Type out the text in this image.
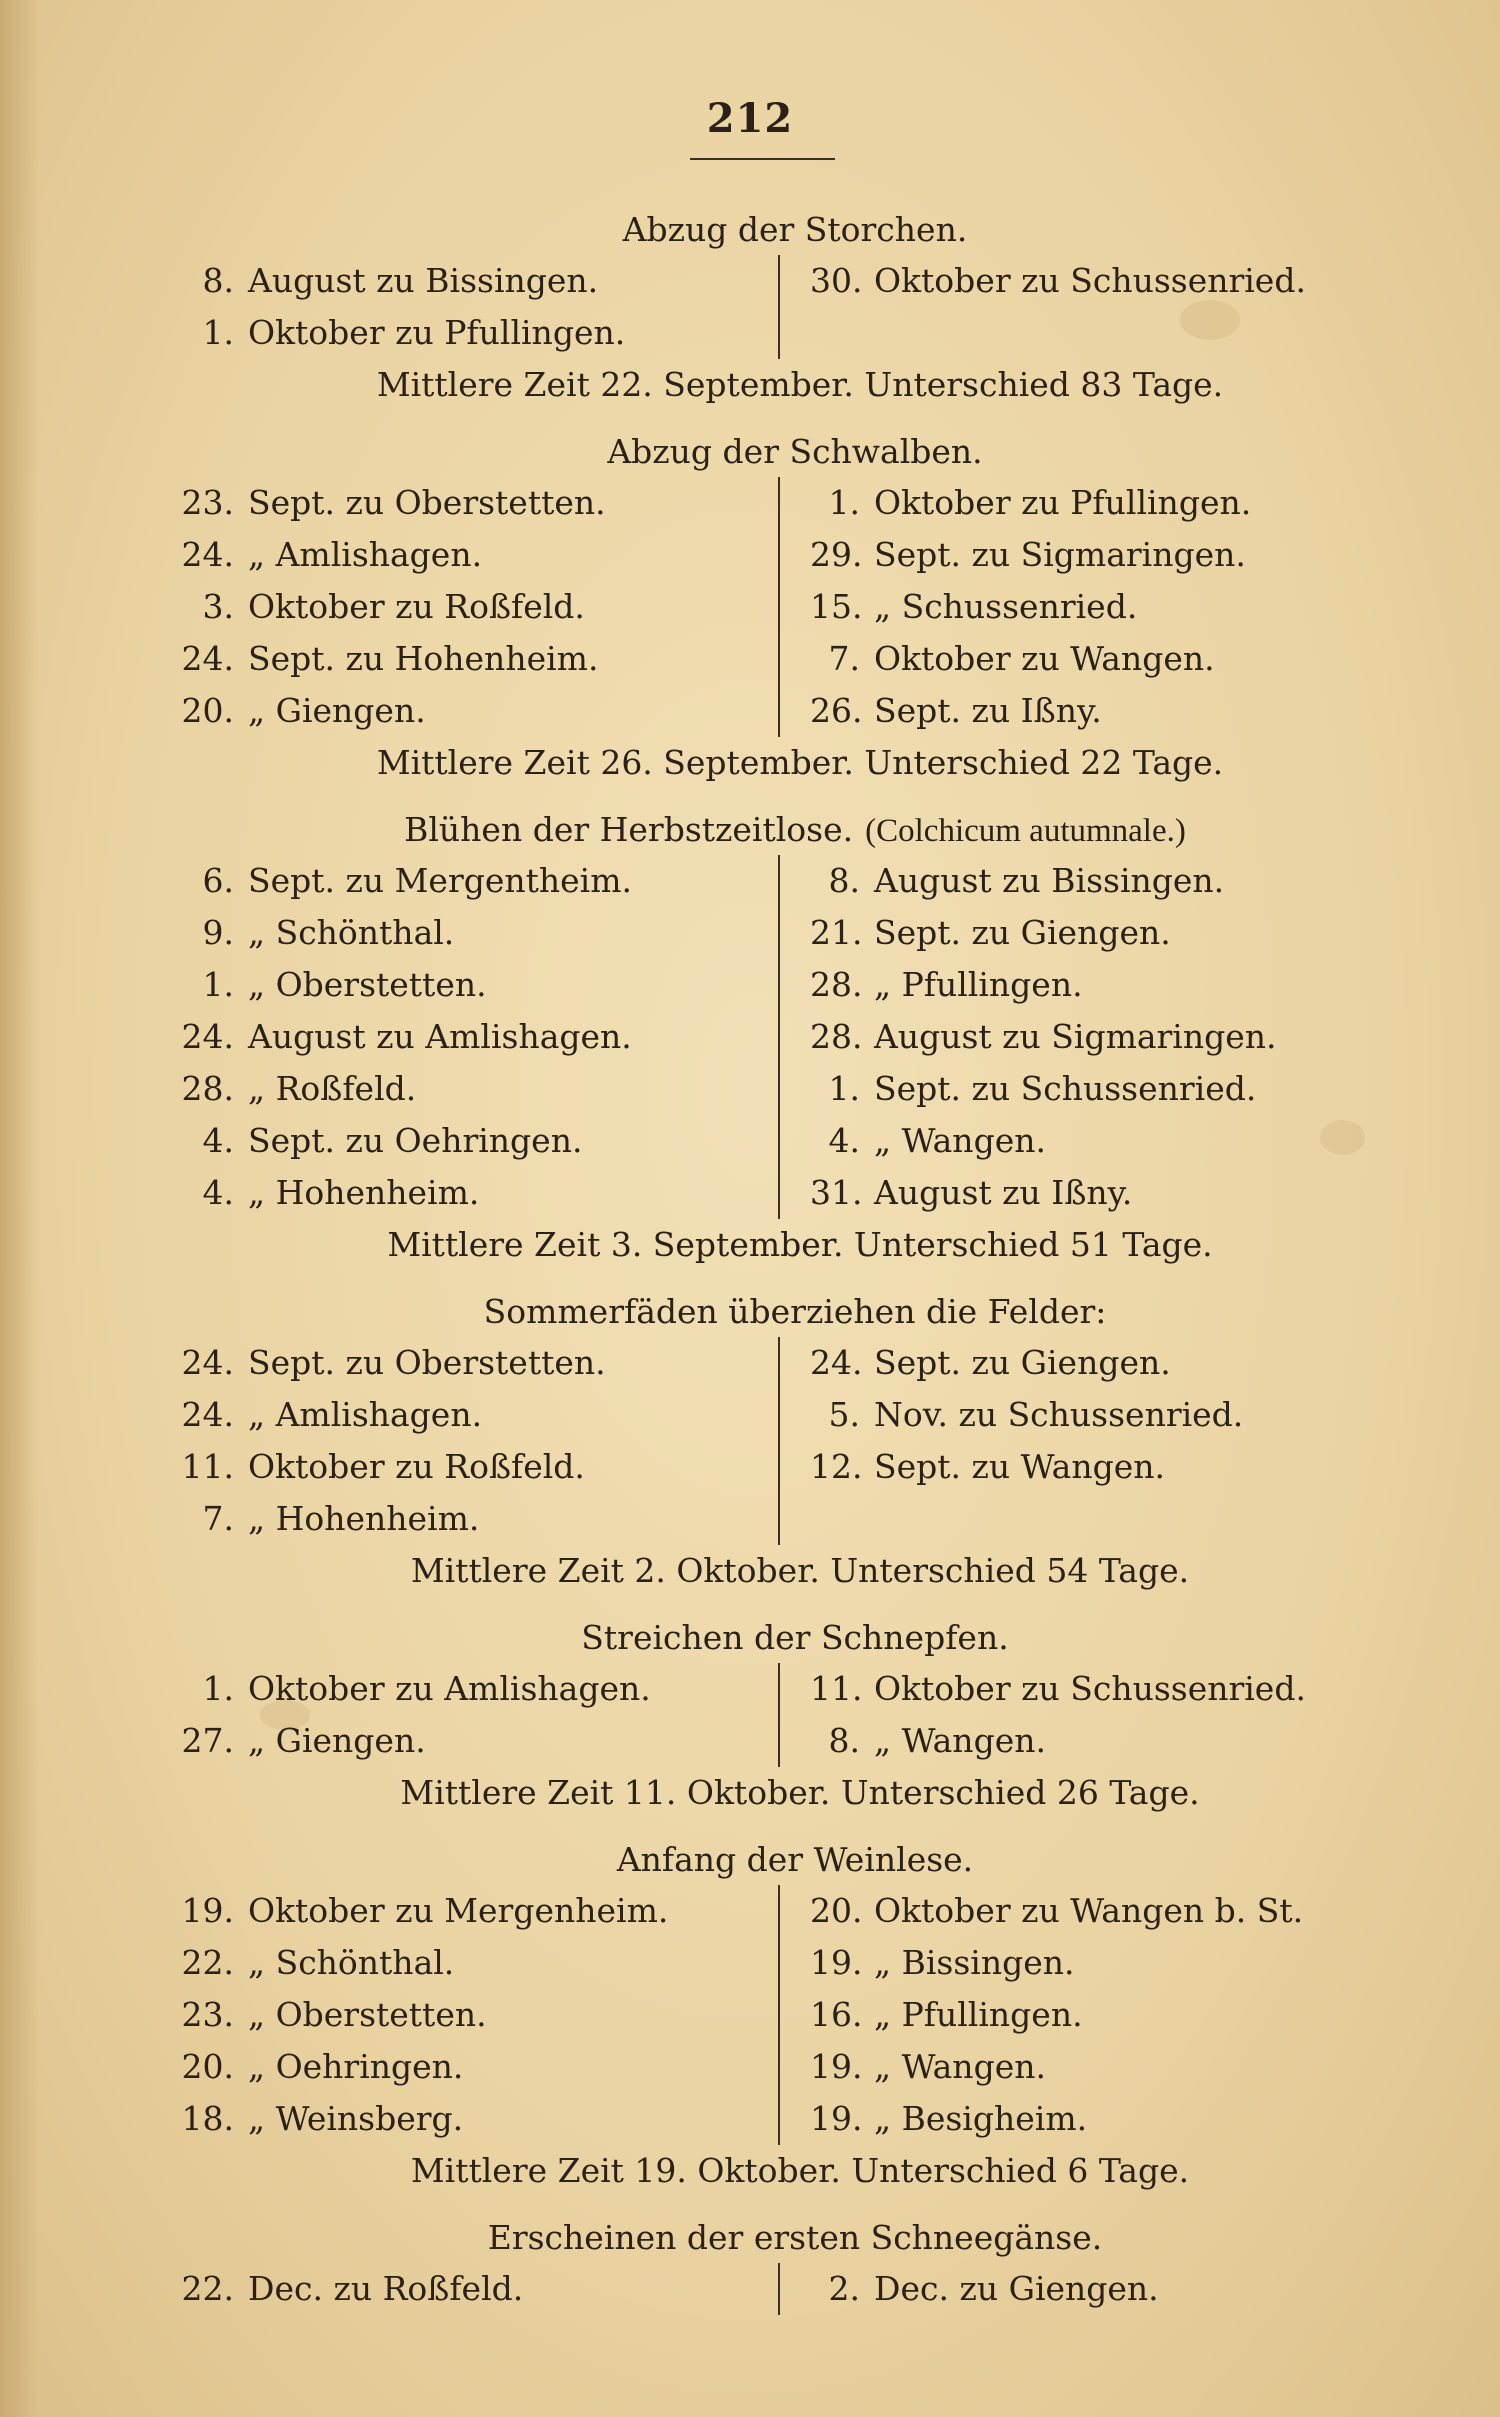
212
Abzug der Storchen.
8. August zu Bissingen.
1. Oktober zu Pfullingen.
30. Oktober zu Schussenried.
Mittlere Zeit 22. September. Unterschied 83 Tage.
Abzug der Schwalben.
23. Sept. zu Oberstetten.
24. „ Amlishagen.
3. Oktober zu Roßfeld.
24. Sept. zu Hohenheim.
20. „ Giengen.
1. Oktober zu Pfullingen.
29. Sept. zu Sigmaringen.
15. „ Schussenried.
7. Oktober zu Wangen.
26. Sept. zu Ißny.
Mittlere Zeit 26. September. Unterschied 22 Tage.
Blühen der Herbstzeitlose. (Colchicum autumnale.)
6. Sept. zu Mergentheim.
9. „ Schönthal.
1. „ Oberstetten.
24. August zu Amlishagen.
28. „ Roßfeld.
4. Sept. zu Oehringen.
4. „ Hohenheim.
8. August zu Bissingen.
21. Sept. zu Giengen.
28. „ Pfullingen.
28. August zu Sigmaringen.
1. Sept. zu Schussenried.
4. „ Wangen.
31. August zu Ißny.
Mittlere Zeit 3. September. Unterschied 51 Tage.
Sommerfäden überziehen die Felder:
24. Sept. zu Oberstetten.
24. „ Amlishagen.
11. Oktober zu Roßfeld.
7. „ Hohenheim.
24. Sept. zu Giengen.
5. Nov. zu Schussenried.
12. Sept. zu Wangen.
Mittlere Zeit 2. Oktober. Unterschied 54 Tage.
Streichen der Schnepfen.
1. Oktober zu Amlishagen.
27. „ Giengen.
11. Oktober zu Schussenried.
8. „ Wangen.
Mittlere Zeit 11. Oktober. Unterschied 26 Tage.
Anfang der Weinlese.
19. Oktober zu Mergenheim.
22. „ Schönthal.
23. „ Oberstetten.
20. „ Oehringen.
18. „ Weinsberg.
20. Oktober zu Wangen b. St.
19. „ Bissingen.
16. „ Pfullingen.
19. „ Wangen.
19. „ Besigheim.
Mittlere Zeit 19. Oktober. Unterschied 6 Tage.
Erscheinen der ersten Schneegänse.
22. Dec. zu Roßfeld.	2. Dec. zu Giengen.
